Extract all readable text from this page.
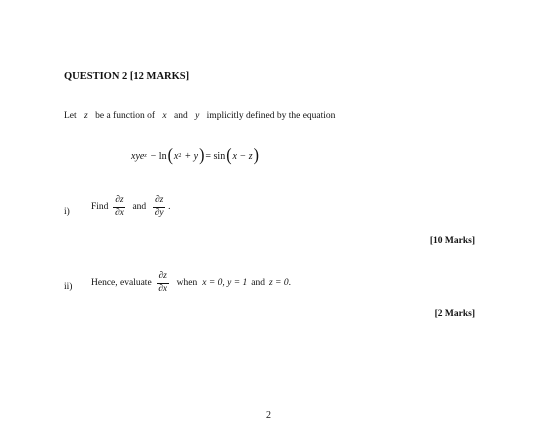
QUESTION 2 [12 MARKS]
Let z be a function of x and y implicitly defined by the equation
xye z − ln ( x 2 + y ) = sin ( x − z )
i) Find $\frac{\partial z}{\partial x}$ and $\frac{\partial z}{\partial y}$ .
[10 Marks]
ii) Hence, evaluate $\frac{\partial z}{\partial x}$ when x = 0, y = 1 and z = 0 .
[2 Marks]
2
